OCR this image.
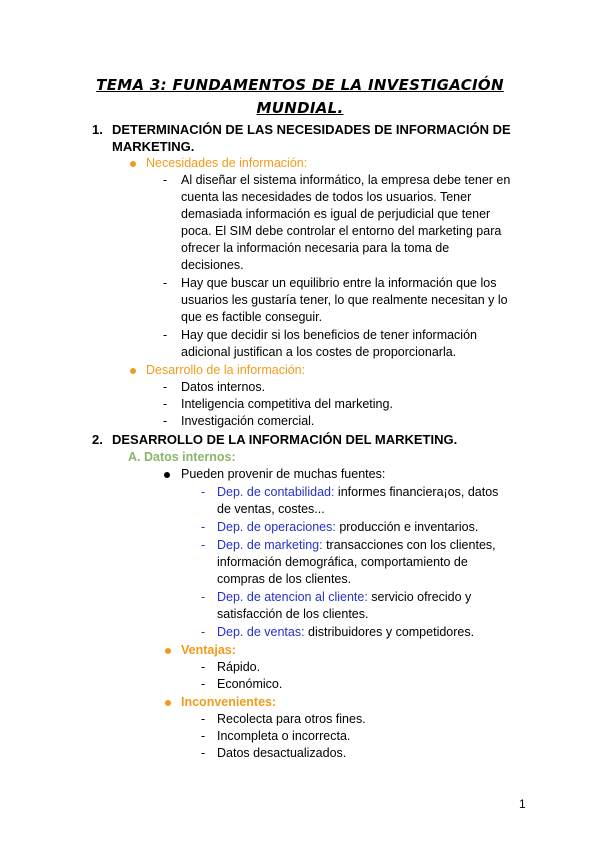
TEMA 3: FUNDAMENTOS DE LA INVESTIGACIÓN
MUNDIAL.
1. DETERMINACIÓN DE LAS NECESIDADES DE INFORMACIÓN DE
MARKETING.
Necesidades de información:
- Al diseñar el sistema informático, la empresa debe tener en
cuenta las necesidades de todos los usuarios. Tener
demasiada información es igual de perjudicial que tener
poca. El SIM debe controlar el entorno del marketing para
ofrecer la información necesaria para la toma de
decisiones.
- Hay que buscar un equilibrio entre la información que los
usuarios les gustaría tener, lo que realmente necesitan y lo
que es factible conseguir.
- Hay que decidir si los beneficios de tener información
adicional justifican a los costes de proporcionarla.
Desarrollo de la información:
- Datos internos.
- Inteligencia competitiva del marketing.
- Investigación comercial.
2. DESARROLLO DE LA INFORMACIÓN DEL MARKETING.
A. Datos internos:
Pueden provenir de muchas fuentes:
- Dep. de contabilidad: informes financiera¡os, datos
de ventas, costes...
- Dep. de operaciones: producción e inventarios.
- Dep. de marketing: transacciones con los clientes,
información demográfica, comportamiento de
compras de los clientes.
- Dep. de atencion al cliente: servicio ofrecido y
satisfacción de los clientes.
- Dep. de ventas: distribuidores y competidores.
Ventajas:
- Rápido.
- Económico.
Inconvenientes:
- Recolecta para otros fines.
- Incompleta o incorrecta.
- Datos desactualizados.
1
